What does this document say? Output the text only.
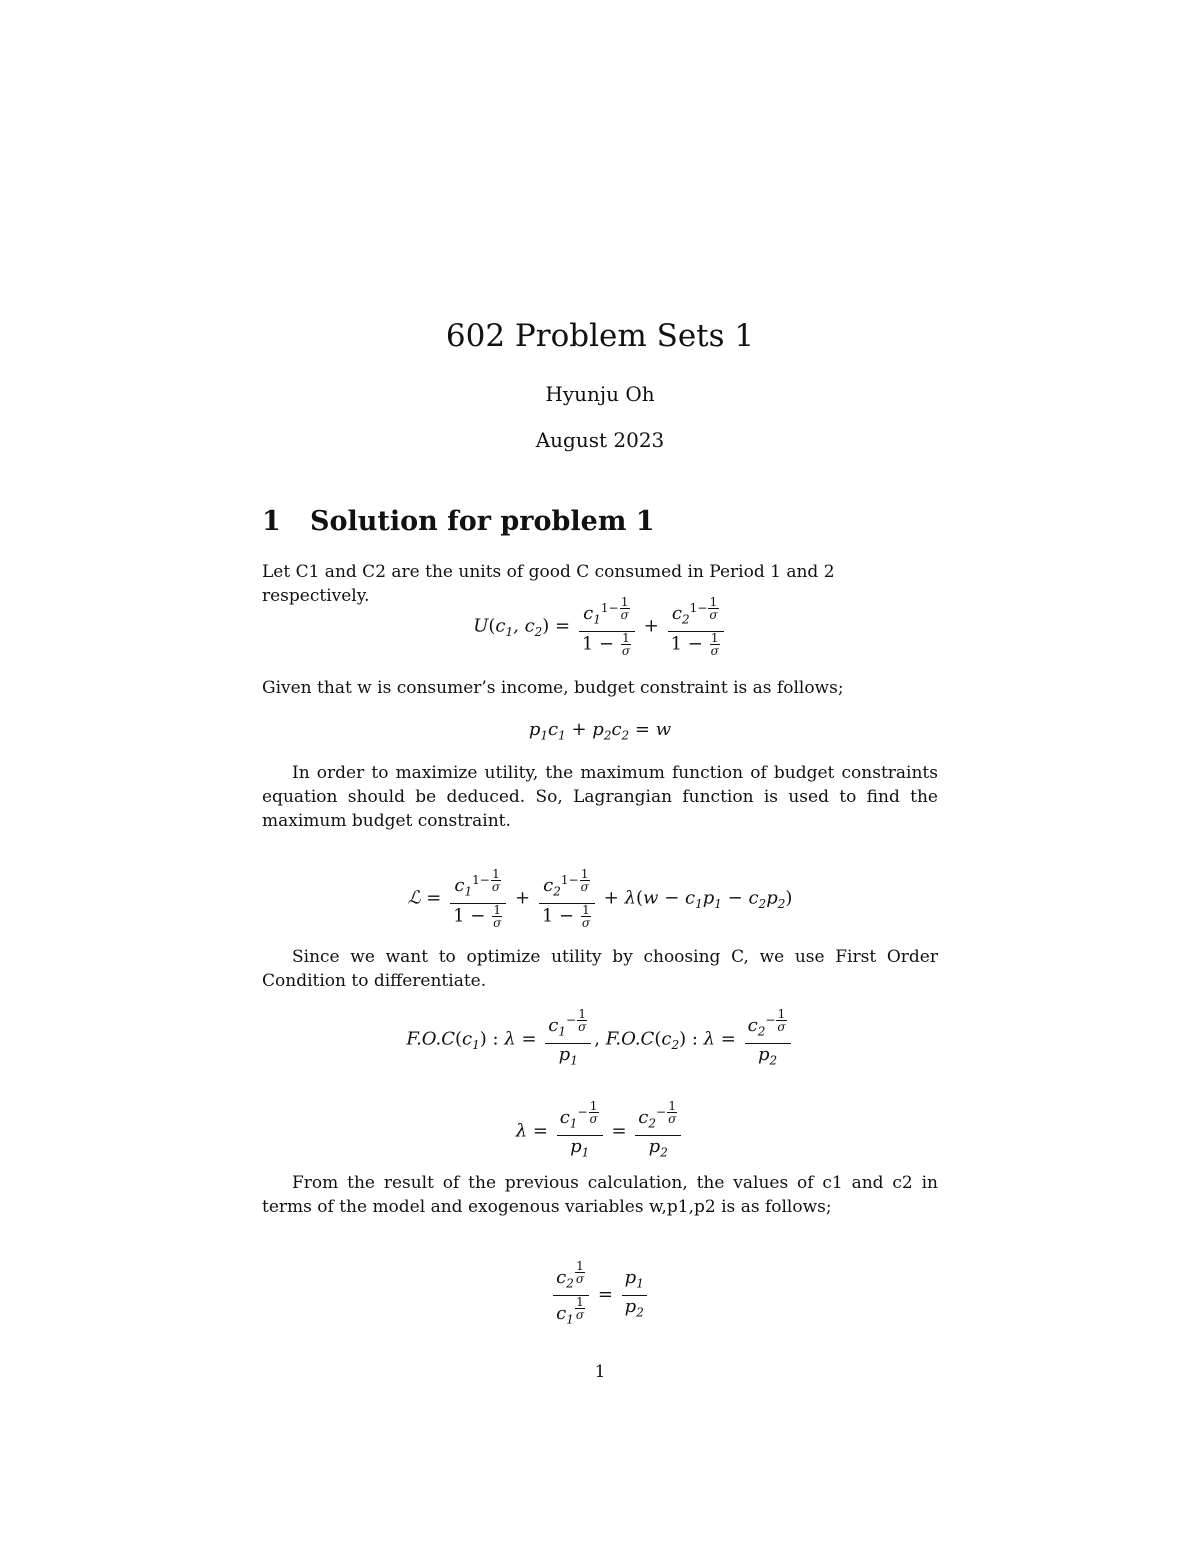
602 Problem Sets 1
Hyunju Oh
August 2023
1 Solution for problem 1
Let C1 and C2 are the units of good C consumed in Period 1 and 2 respectively.
$U(c_1$, $c_2) = c_1^{1- \frac{1}{\sigma}}$
$1 - \frac{1}{\sigma} + c_2^{1- \frac{1}{\sigma}}$
$1 - \frac{1}{\sigma}$
Given that w is consumer’s income, budget constraint is as follows;
$p_1c_1 + p_2c_2 = w$
In order to maximize utility, the maximum function of budget constraints equation should be deduced. So, Lagrangian function is used to find the maximum budget constraint.
ℒ = $c_1^{1- \frac{1}{\sigma}}$
$1 - \frac{1}{\sigma} + c_2^{1- \frac{1}{\sigma}}$
$1 - \frac{1}{\sigma} + \lambda(w - c_1p_1 - c_2p_2)$
Since we want to optimize utility by choosing C, we use First Order Condition to differentiate.
$F.O.C(c_1)$ : $\lambda = c_1^{- \frac{1}{\sigma}}$
$p_1$ , $F.O.C(c_2)$ : $\lambda = c_2^{- \frac{1}{\sigma}}$
$p_2$
$\lambda = c_1^{- \frac{1}{\sigma}}$
$p_1 = c_2^{- \frac{1}{\sigma}}$
$p_2$
From the result of the previous calculation, the values of c1 and c2 in terms of the model and exogenous variables w,p1,p2 is as follows;
$c_2$ $^{\frac{1}{\sigma}}$
$c_1$ $^{\frac{1}{\sigma}} = \frac{p_1}{p_2}$
1
